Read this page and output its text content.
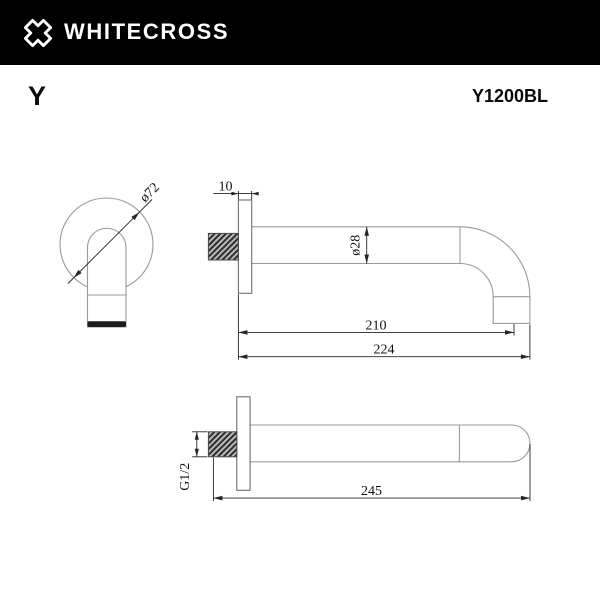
WHITECROSS
Y	Y1200BL
ø72	10
ø28
210
224
G1/2
245
